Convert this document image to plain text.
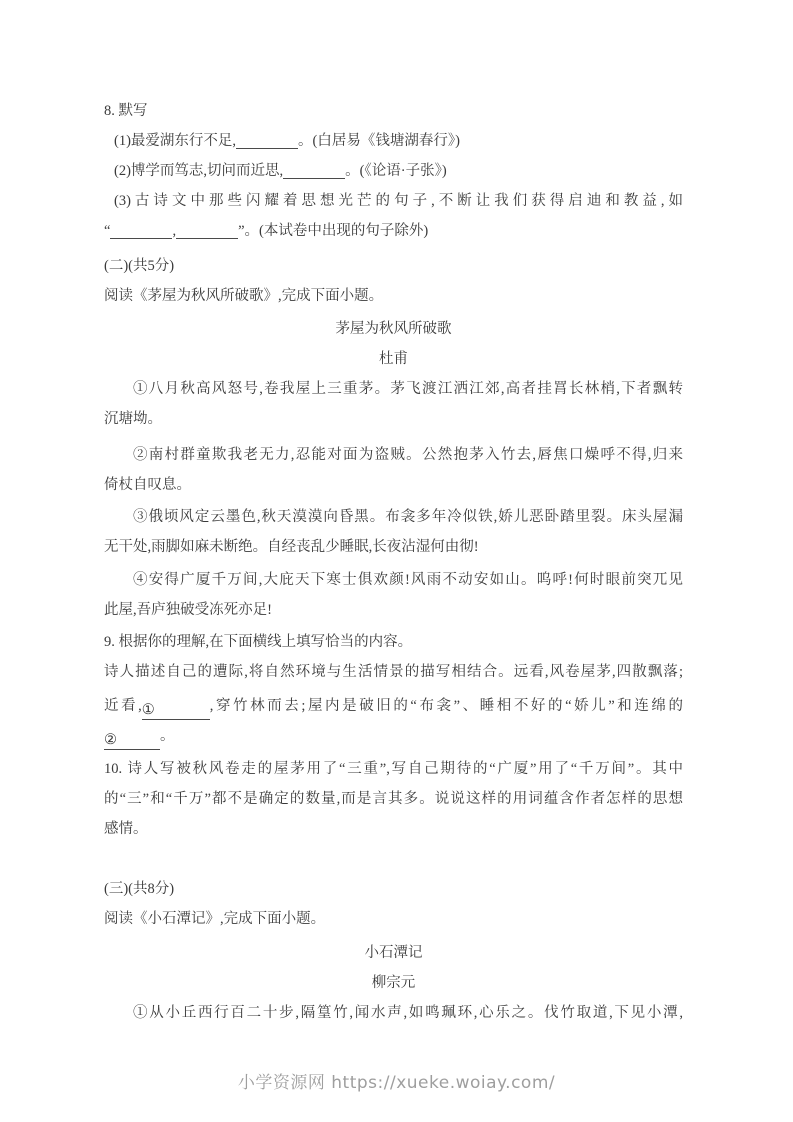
8. 默写
(1)最爱湖东行不足,	。(白居易《钱塘湖春行》)
(2)博学而笃志,切问而近思,	。(《论语·子张》)
(3)古诗文中那些闪耀着思想光芒的句子,不断让我们获得启迪和教益,如
“	,	”。(本试卷中出现的句子除外)
(二)(共5分)
阅读《茅屋为秋风所破歌》,完成下面小题。
茅屋为秋风所破歌
杜甫
①八月秋高风怒号,卷我屋上三重茅。茅飞渡江洒江郊,高者挂罥长林梢,下者飘转
沉塘坳。
②南村群童欺我老无力,忍能对面为盗贼。公然抱茅入竹去,唇焦口燥呼不得,归来
倚杖自叹息。
③俄顷风定云墨色,秋天漠漠向昏黑。布衾多年冷似铁,娇儿恶卧踏里裂。床头屋漏
无干处,雨脚如麻未断绝。自经丧乱少睡眠,长夜沾湿何由彻!
④安得广厦千万间,大庇天下寒士俱欢颜!风雨不动安如山。呜呼!何时眼前突兀见
此屋,吾庐独破受冻死亦足!
9. 根据你的理解,在下面横线上填写恰当的内容。
诗人描述自己的遭际,将自然环境与生活情景的描写相结合。远看,风卷屋茅,四散飘落;
近看,①	,穿竹林而去;屋内是破旧的“布衾”、睡相不好的“娇儿”和连绵的
②	。
10. 诗人写被秋风卷走的屋茅用了“三重”,写自己期待的“广厦”用了“千万间”。其中
的“三”和“千万”都不是确定的数量,而是言其多。说说这样的用词蕴含作者怎样的思想
感情。
(三)(共8分)
阅读《小石潭记》,完成下面小题。
小石潭记
柳宗元
①从小丘西行百二十步,隔篁竹,闻水声,如鸣珮环,心乐之。伐竹取道,下见小潭,
小学资源网 https://xueke.woiay.com/
